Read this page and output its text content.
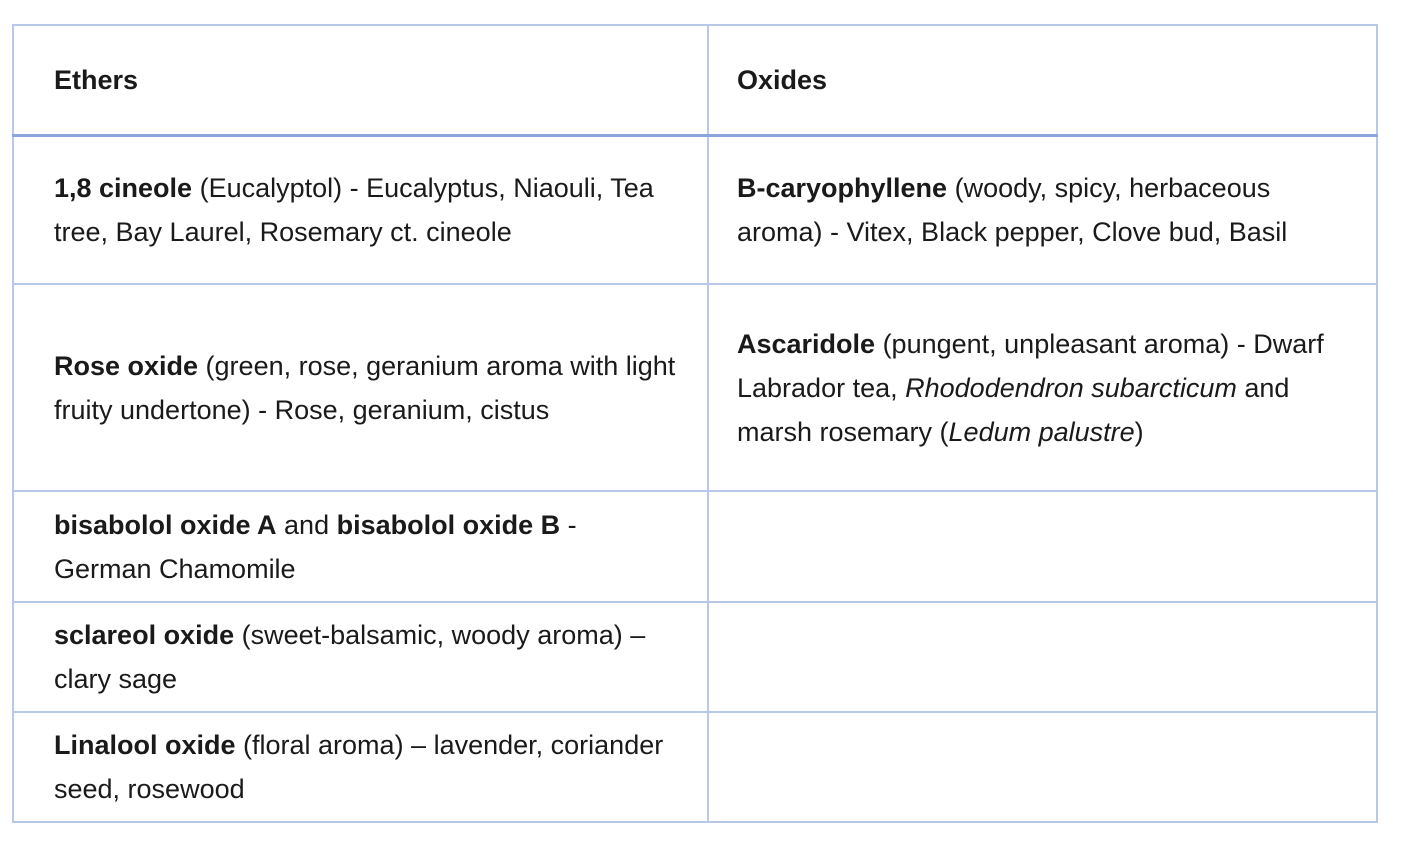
Ethers	Oxides
1,8 cineole (Eucalyptol) - Eucalyptus, Niaouli, Tea tree, Bay Laurel, Rosemary ct. cineole	B-caryophyllene (woody, spicy, herbaceous aroma) - Vitex, Black pepper, Clove bud, Basil
Rose oxide (green, rose, geranium aroma with light fruity undertone) - Rose, geranium, cistus	Ascaridole (pungent, unpleasant aroma) - Dwarf Labrador tea, Rhododendron subarcticum and marsh rosemary (Ledum palustre)
bisabolol oxide A and bisabolol oxide B - German Chamomile	
sclareol oxide (sweet-balsamic, woody aroma) – clary sage	
Linalool oxide (floral aroma) – lavender, coriander seed, rosewood	
